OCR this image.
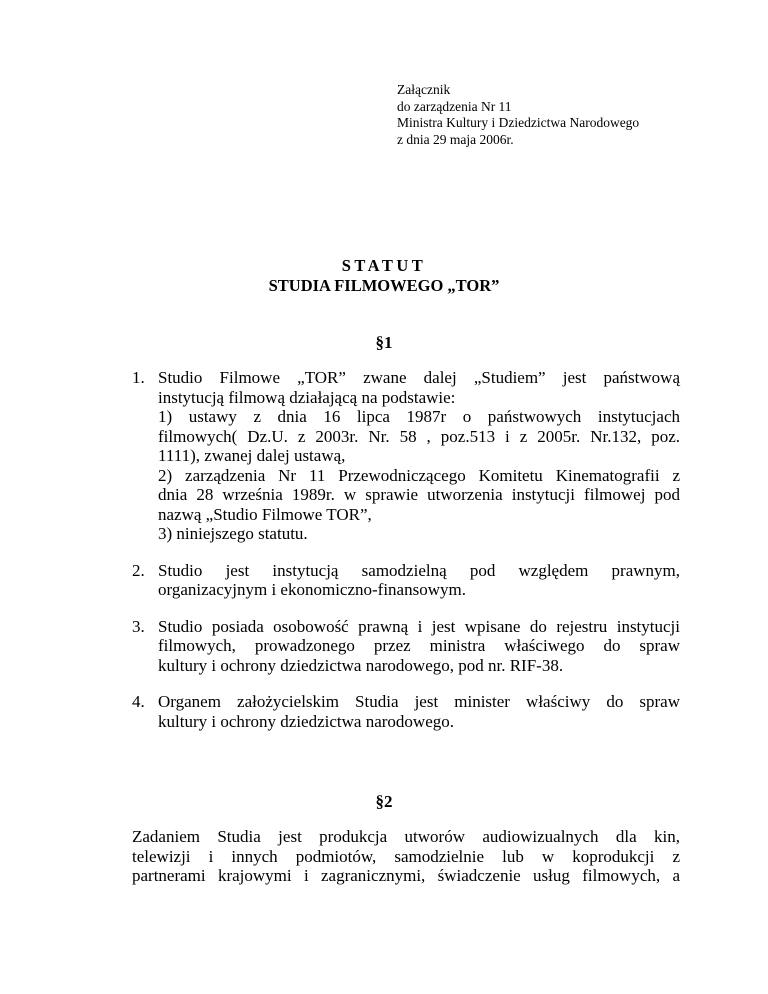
Załącznik
do zarządzenia Nr 11
Ministra Kultury i Dziedzictwa Narodowego
z dnia 29 maja 2006r.
STATUT
STUDIA FILMOWEGO „TOR”
§1
1. Studio Filmowe „TOR” zwane dalej „Studiem” jest państwową
instytucją filmową działającą na podstawie:
1) ustawy z dnia 16 lipca 1987r o państwowych instytucjach
filmowych( Dz.U. z 2003r. Nr. 58 , poz.513 i z 2005r. Nr.132, poz.
1111), zwanej dalej ustawą,
2) zarządzenia Nr 11 Przewodniczącego Komitetu Kinematografii z
dnia 28 września 1989r. w sprawie utworzenia instytucji filmowej pod
nazwą „Studio Filmowe TOR”,
3) niniejszego statutu.
2. Studio jest instytucją samodzielną pod względem prawnym,
organizacyjnym i ekonomiczno-finansowym.
3. Studio posiada osobowość prawną i jest wpisane do rejestru instytucji
filmowych, prowadzonego przez ministra właściwego do spraw
kultury i ochrony dziedzictwa narodowego, pod nr. RIF-38.
4. Organem założycielskim Studia jest minister właściwy do spraw
kultury i ochrony dziedzictwa narodowego.
§2
Zadaniem Studia jest produkcja utworów audiowizualnych dla kin,
telewizji i innych podmiotów, samodzielnie lub w koprodukcji z
partnerami krajowymi i zagranicznymi, świadczenie usług filmowych, a
